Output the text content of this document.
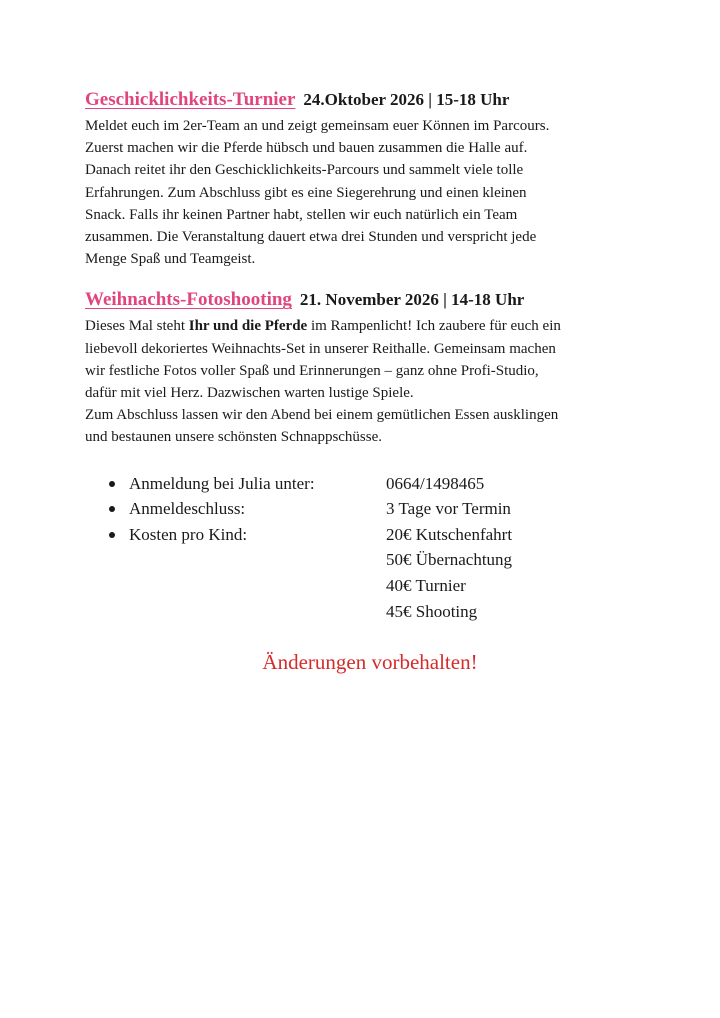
Geschicklichkeits-Turnier 24.Oktober 2026 | 15-18 Uhr

Meldet euch im 2er-Team an und zeigt gemeinsam euer Können im Parcours.

Zuerst machen wir die Pferde hübsch und bauen zusammen die Halle auf.

Danach reitet ihr den Geschicklichkeits-Parcours und sammelt viele tolle

Erfahrungen. Zum Abschluss gibt es eine Siegerehrung und einen kleinen

Snack. Falls ihr keinen Partner habt, stellen wir euch natürlich ein Team

zusammen. Die Veranstaltung dauert etwa drei Stunden und verspricht jede

Menge Spaß und Teamgeist.

Weihnachts-Fotoshooting 21. November 2026 | 14-18 Uhr

Dieses Mal steht Ihr und die Pferde im Rampenlicht! Ich zaubere für euch ein

liebevoll dekoriertes Weihnachts-Set in unserer Reithalle. Gemeinsam machen

wir festliche Fotos voller Spaß und Erinnerungen – ganz ohne Profi-Studio,

dafür mit viel Herz. Dazwischen warten lustige Spiele.

Zum Abschluss lassen wir den Abend bei einem gemütlichen Essen ausklingen

und bestaunen unsere schönsten Schnappschüsse.

Anmeldung bei Julia unter:	0664/1498465
Anmeldeschluss:	3 Tage vor Termin
Kosten pro Kind:	20€ Kutschenfahrt
50€ Übernachtung
40€ Turnier
45€ Shooting
Änderungen vorbehalten!
